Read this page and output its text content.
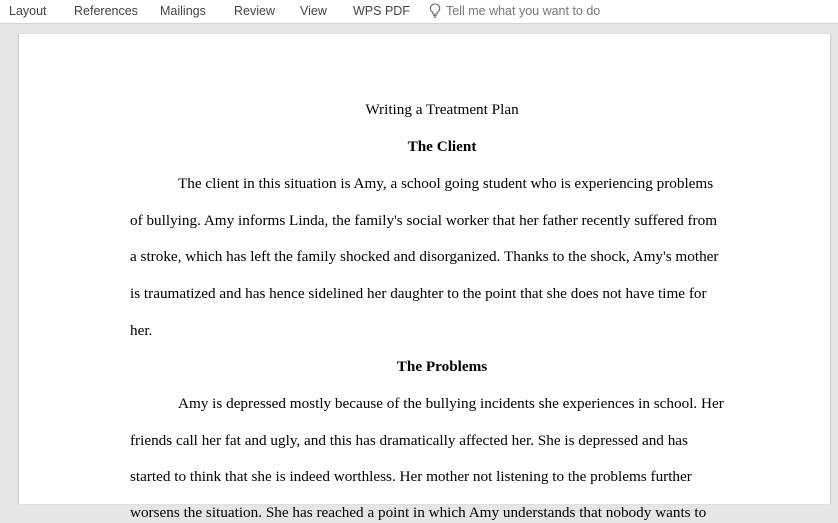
Layout References Mailings Review View WPS PDF	Tell me what you want to do
Writing a Treatment Plan
The Client
The client in this situation is Amy, a school going student who is experiencing problems
of bullying. Amy informs Linda, the family's social worker that her father recently suffered from
a stroke, which has left the family shocked and disorganized. Thanks to the shock, Amy's mother
is traumatized and has hence sidelined her daughter to the point that she does not have time for
her.
The Problems
Amy is depressed mostly because of the bullying incidents she experiences in school. Her
friends call her fat and ugly, and this has dramatically affected her. She is depressed and has
started to think that she is indeed worthless. Her mother not listening to the problems further
worsens the situation. She has reached a point in which Amy understands that nobody wants to
